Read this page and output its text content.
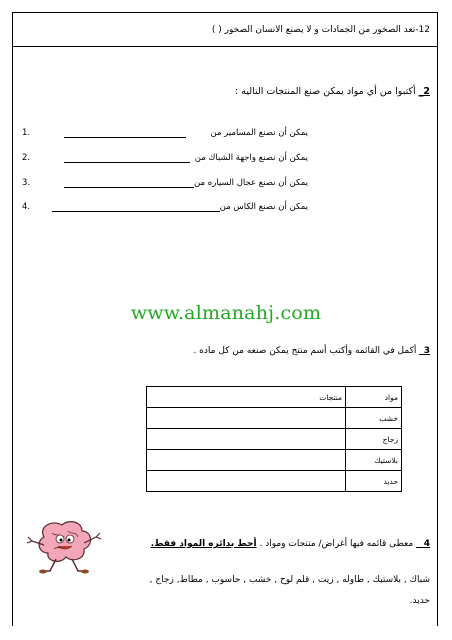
12-تعد الصخور من الجمادات و لا يصنع الانسان الصخور ( )
2_ أكتبوا من أي مواد يمكن صنع المنتجات التاليه :
1.	يمكن أن نصنع المسامير من
2.	يمكن أن نصنع واجهة الشباك من
3.	يمكن أن نصنع عجال السياره من
4.	يمكن أن نصنع الكاس من
www.almanahj.com
3_ أكمل في القائمه وأكتب أسم منتج يمكن صنعه من كل ماده .
مواد	منتجات
خشب	
زجاج	
بلاستيك	
حديد	
4 _ معطى قائمه فيها أغراض/ منتجات ومواد . أحط بدائره المواد فقط.
شباك , بلاستيك , طاوله , زيت , قلم لوح , خشب , حاسوب , مطاط, زجاج ,
حديد.
